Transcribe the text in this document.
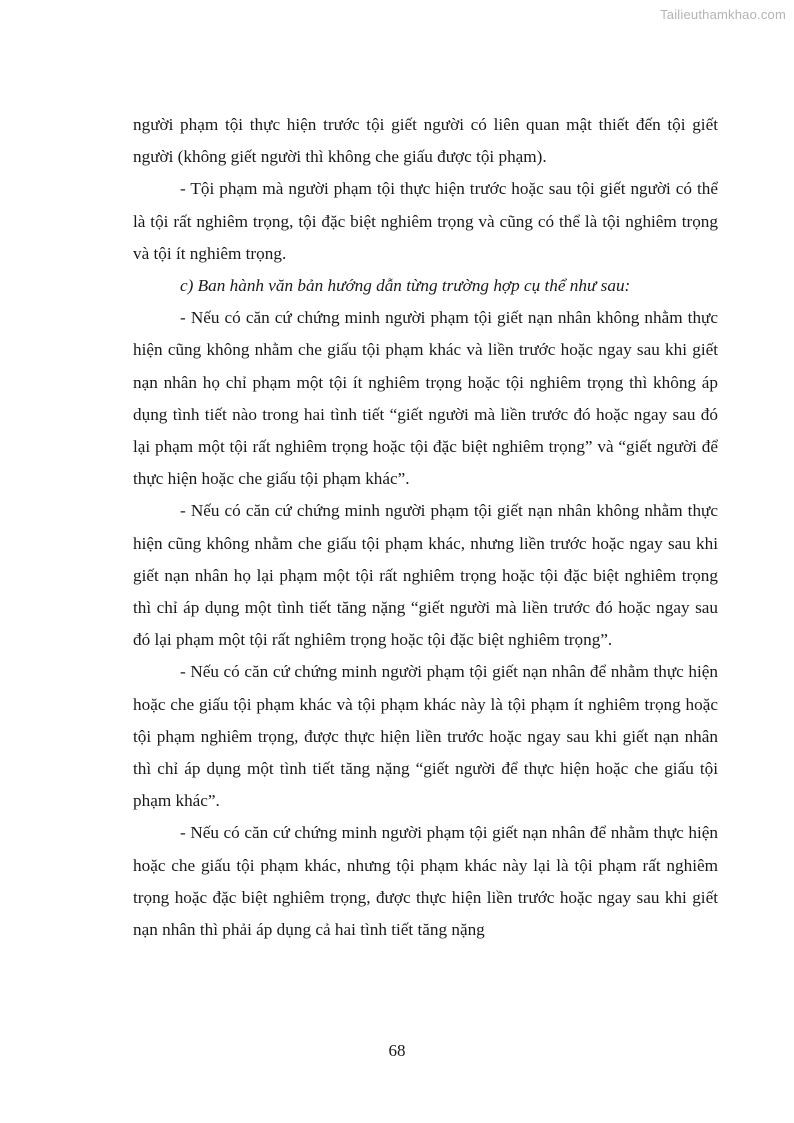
Tailieuthamkhao.com

người phạm tội thực hiện trước tội giết người có liên quan mật thiết đến tội giết người (không giết người thì không che giấu được tội phạm).

- Tội phạm mà người phạm tội thực hiện trước hoặc sau tội giết người có thể là tội rất nghiêm trọng, tội đặc biệt nghiêm trọng và cũng có thể là tội nghiêm trọng và tội ít nghiêm trọng.

c) Ban hành văn bản hướng dẫn từng trường hợp cụ thể như sau:

- Nếu có căn cứ chứng minh người phạm tội giết nạn nhân không nhằm thực hiện cũng không nhằm che giấu tội phạm khác và liền trước hoặc ngay sau khi giết nạn nhân họ chỉ phạm một tội ít nghiêm trọng hoặc tội nghiêm trọng thì không áp dụng tình tiết nào trong hai tình tiết “giết người mà liền trước đó hoặc ngay sau đó lại phạm một tội rất nghiêm trọng hoặc tội đặc biệt nghiêm trọng” và “giết người để thực hiện hoặc che giấu tội phạm khác”.

- Nếu có căn cứ chứng minh người phạm tội giết nạn nhân không nhằm thực hiện cũng không nhằm che giấu tội phạm khác, nhưng liền trước hoặc ngay sau khi giết nạn nhân họ lại phạm một tội rất nghiêm trọng hoặc tội đặc biệt nghiêm trọng thì chỉ áp dụng một tình tiết tăng nặng “giết người mà liền trước đó hoặc ngay sau đó lại phạm một tội rất nghiêm trọng hoặc tội đặc biệt nghiêm trọng”.

- Nếu có căn cứ chứng minh người phạm tội giết nạn nhân để nhằm thực hiện hoặc che giấu tội phạm khác và tội phạm khác này là tội phạm ít nghiêm trọng hoặc tội phạm nghiêm trọng, được thực hiện liền trước hoặc ngay sau khi giết nạn nhân thì chỉ áp dụng một tình tiết tăng nặng “giết người để thực hiện hoặc che giấu tội phạm khác”.

- Nếu có căn cứ chứng minh người phạm tội giết nạn nhân để nhằm thực hiện hoặc che giấu tội phạm khác, nhưng tội phạm khác này lại là tội phạm rất nghiêm trọng hoặc đặc biệt nghiêm trọng, được thực hiện liền trước hoặc ngay sau khi giết nạn nhân thì phải áp dụng cả hai tình tiết tăng nặng

68
